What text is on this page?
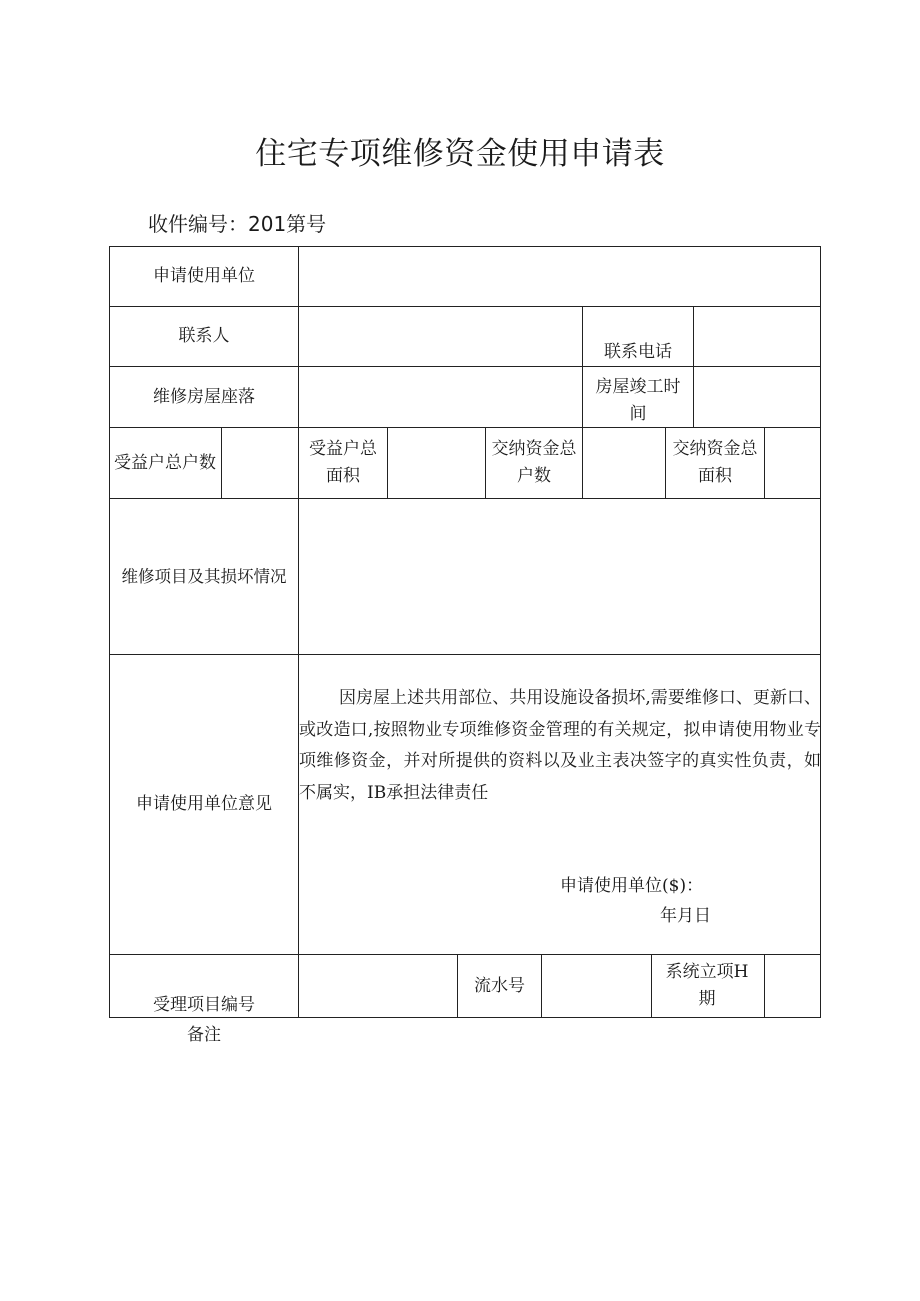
住宅专项维修资金使用申请表
收件编号：201第号
申请使用单位
联系人
联系电话
维修房屋座落	房屋竣工时间
受益户总户数
受益户总面积
交纳资金总户数
交纳资金总面积
维修项目及其损坏情况
申请使用单位意见
因房屋上述共用部位、共用设施设备损坏,需要维修口、更新口、或改造口,按照物业专项维修资金管理的有关规定，拟申请使用物业专项维修资金，并对所提供的资料以及业主表决签字的真实性负责，如不属实，IB承担法律责任
申请使用单位($)：
年月日
受理项目编号
流水号
系统立项H期
备注
